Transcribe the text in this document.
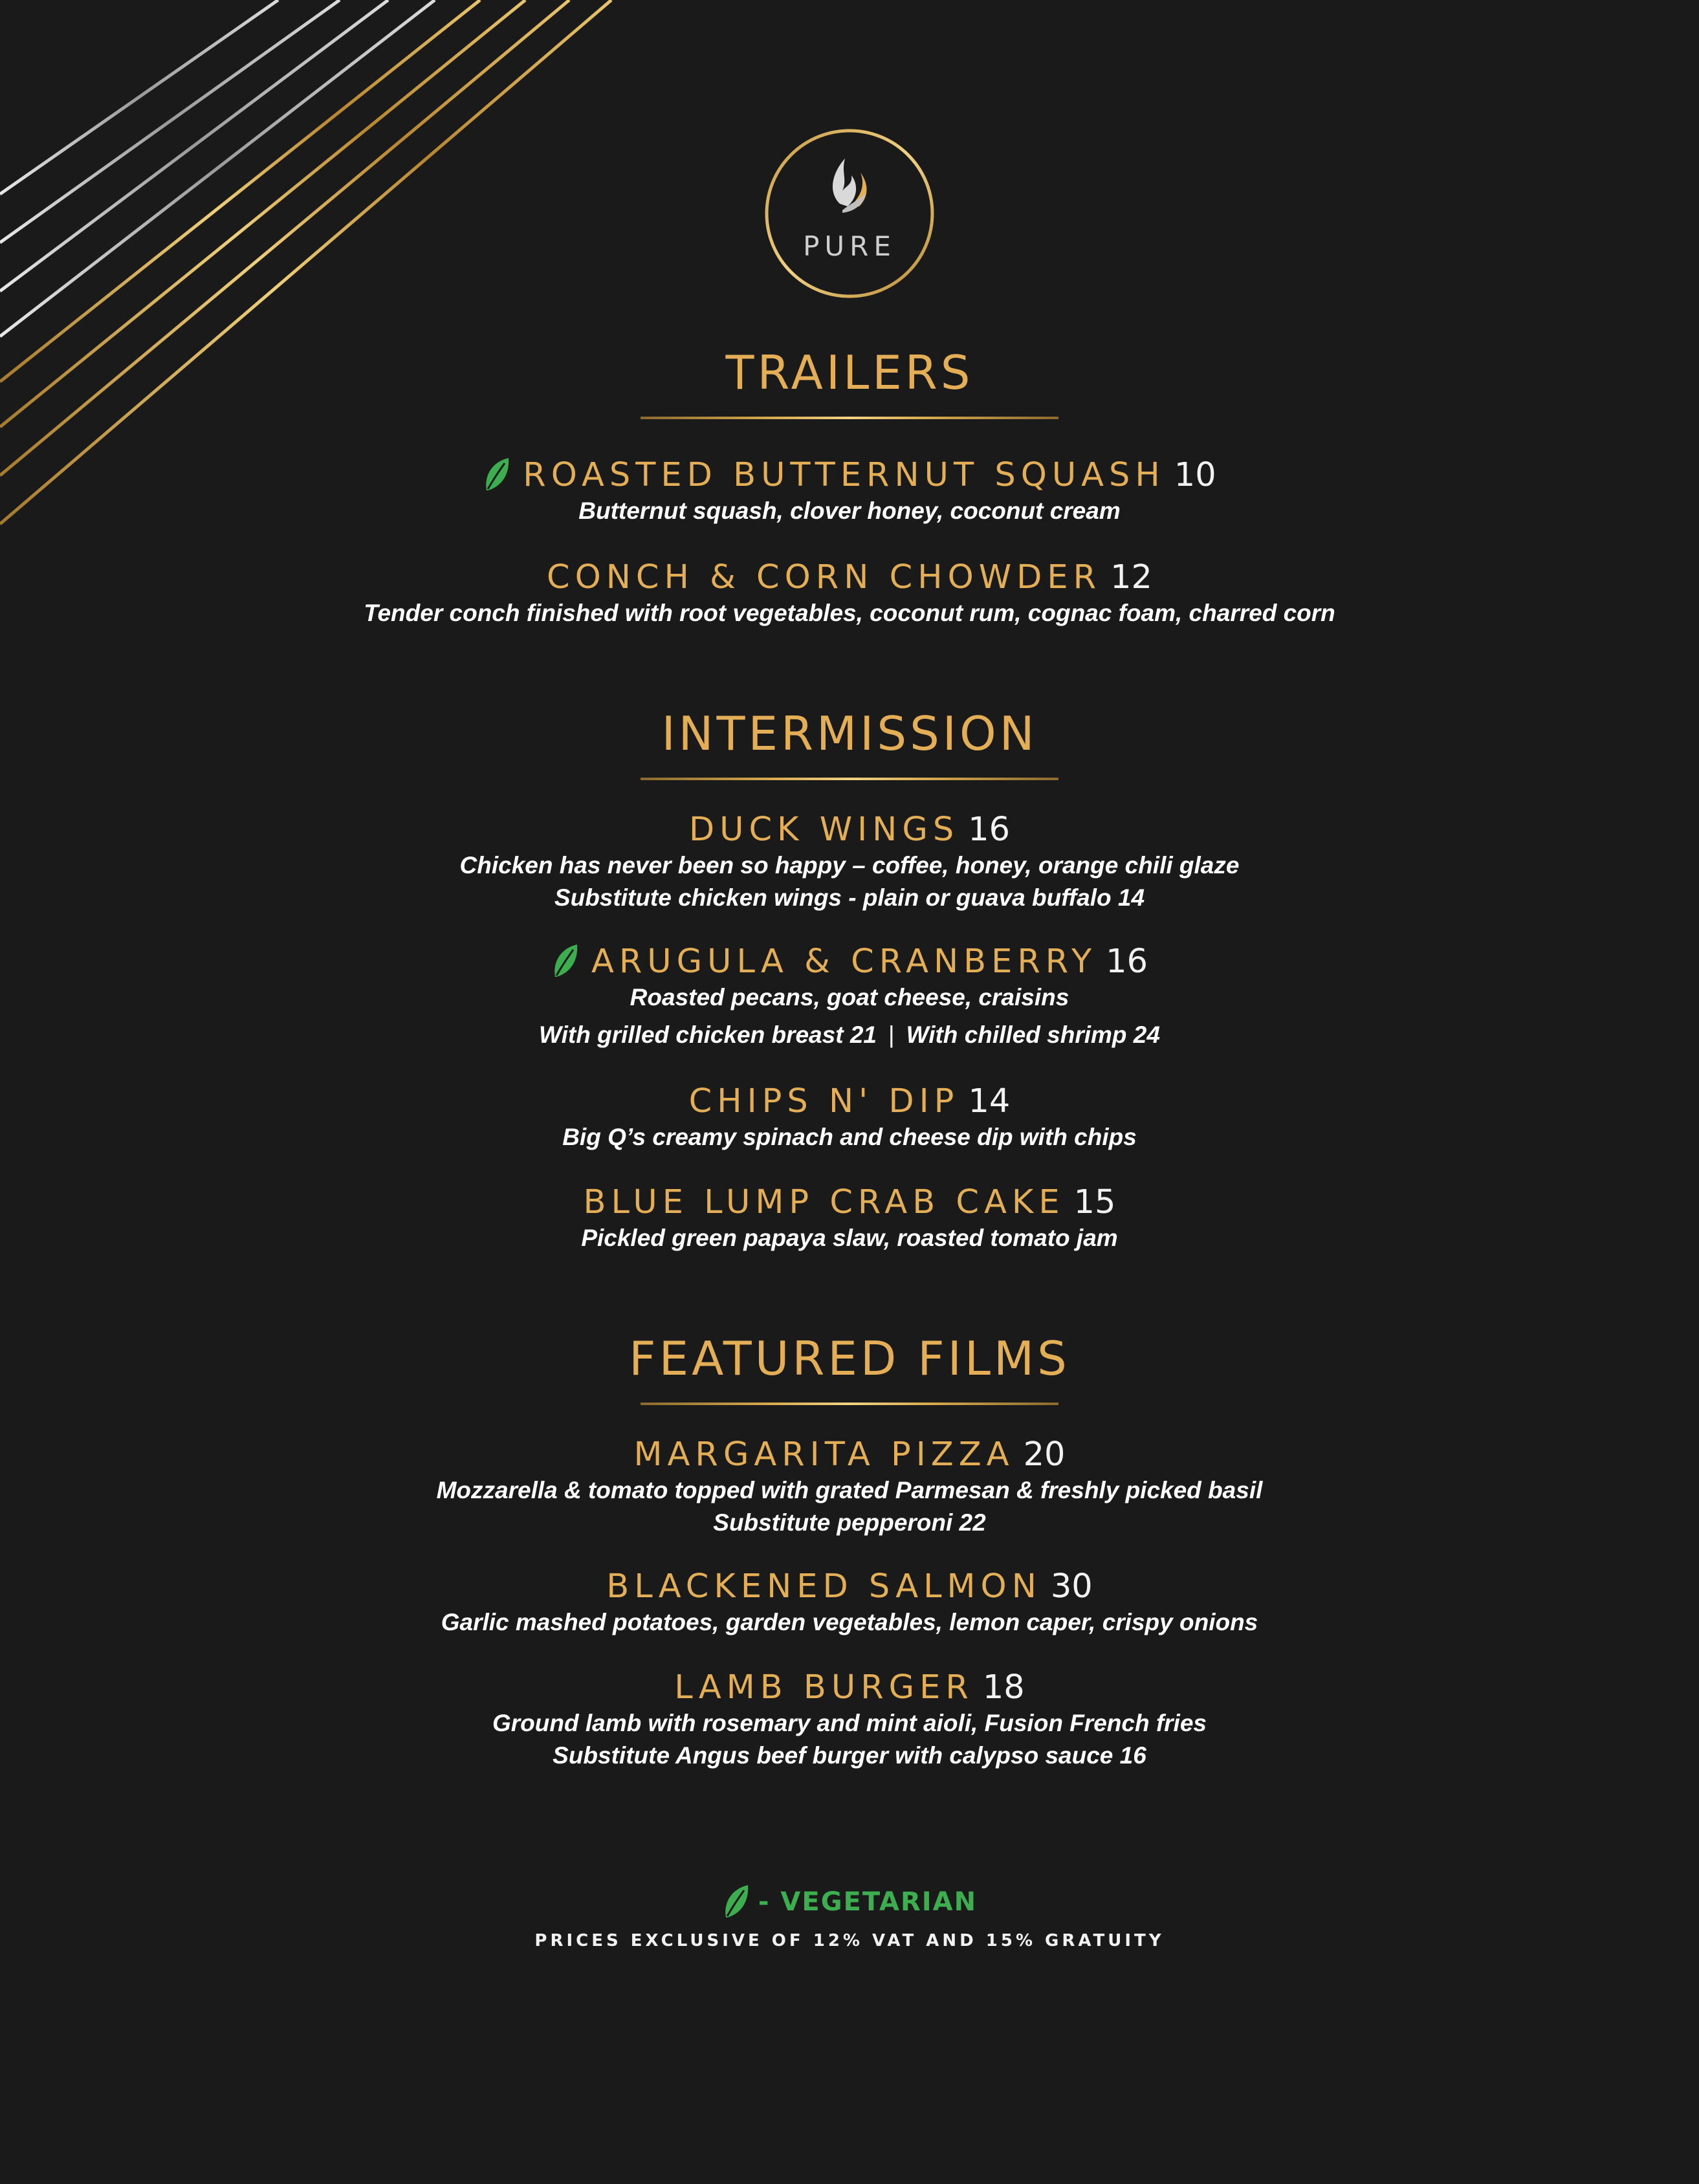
PURE
TRAILERS
ROASTED BUTTERNUT SQUASH 10
Butternut squash, clover honey, coconut cream
CONCH & CORN CHOWDER 12
Tender conch finished with root vegetables, coconut rum, cognac foam, charred corn
INTERMISSION
DUCK WINGS 16
Chicken has never been so happy – coffee, honey, orange chili glaze
Substitute chicken wings - plain or guava buffalo 14
ARUGULA & CRANBERRY 16
Roasted pecans, goat cheese, craisins
With grilled chicken breast 21 | With chilled shrimp 24
CHIPS N' DIP 14
Big Q’s creamy spinach and cheese dip with chips
BLUE LUMP CRAB CAKE 15
Pickled green papaya slaw, roasted tomato jam
FEATURED FILMS
MARGARITA PIZZA 20
Mozzarella & tomato topped with grated Parmesan & freshly picked basil
Substitute pepperoni 22
BLACKENED SALMON 30
Garlic mashed potatoes, garden vegetables, lemon caper, crispy onions
LAMB BURGER 18
Ground lamb with rosemary and mint aioli, Fusion French fries
Substitute Angus beef burger with calypso sauce 16
- VEGETARIAN
PRICES EXCLUSIVE OF 12% VAT AND 15% GRATUITY
